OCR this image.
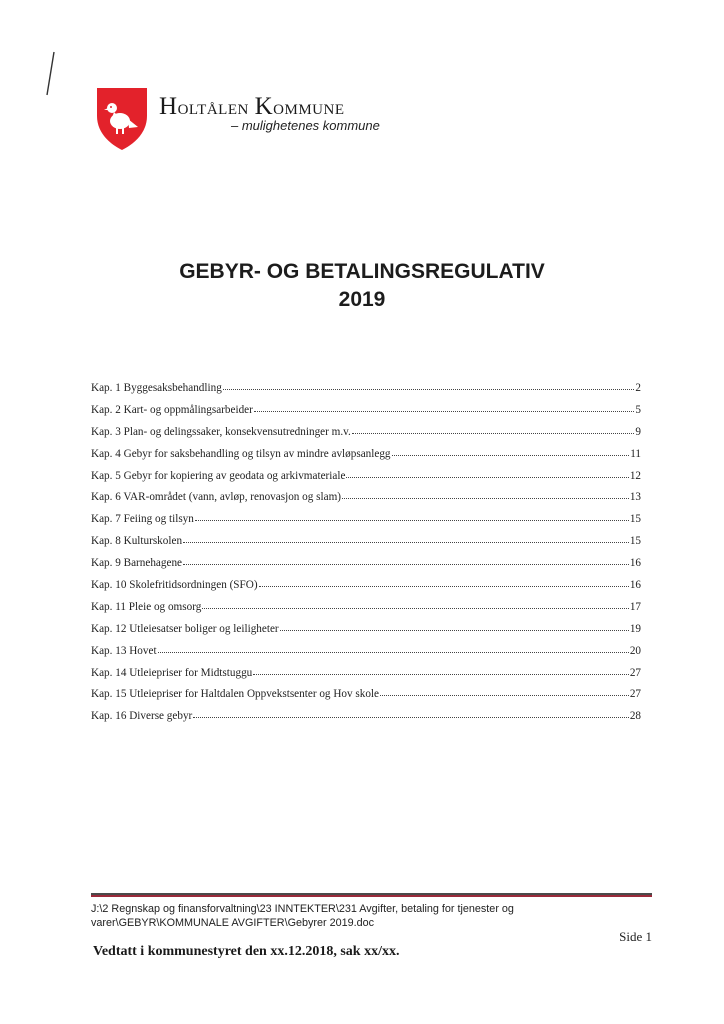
Holtålen Kommune
– mulighetenes kommune
GEBYR- OG BETALINGSREGULATIV
2019
Kap. 1 Byggesaksbehandling	2
Kap. 2 Kart- og oppmålingsarbeider	5
Kap. 3 Plan- og delingssaker, konsekvensutredninger m.v.	9
Kap. 4 Gebyr for saksbehandling og tilsyn av mindre avløpsanlegg	11
Kap. 5 Gebyr for kopiering av geodata og arkivmateriale	12
Kap. 6 VAR-området (vann, avløp, renovasjon og slam)	13
Kap. 7 Feiing og tilsyn	15
Kap. 8 Kulturskolen	15
Kap. 9 Barnehagene	16
Kap. 10 Skolefritidsordningen (SFO)	16
Kap. 11 Pleie og omsorg	17
Kap. 12 Utleiesatser boliger og leiligheter	19
Kap. 13 Hovet	20
Kap. 14 Utleiepriser for Midtstuggu	27
Kap. 15 Utleiepriser for Haltdalen Oppvekstsenter og Hov skole	27
Kap. 16 Diverse gebyr	28
J:\2 Regnskap og finansforvaltning\23 INNTEKTER\231 Avgifter, betaling for tjenester og
varer\GEBYR\KOMMUNALE AVGIFTER\Gebyrer 2019.doc
Side 1
Vedtatt i kommunestyret den xx.12.2018, sak xx/xx.
